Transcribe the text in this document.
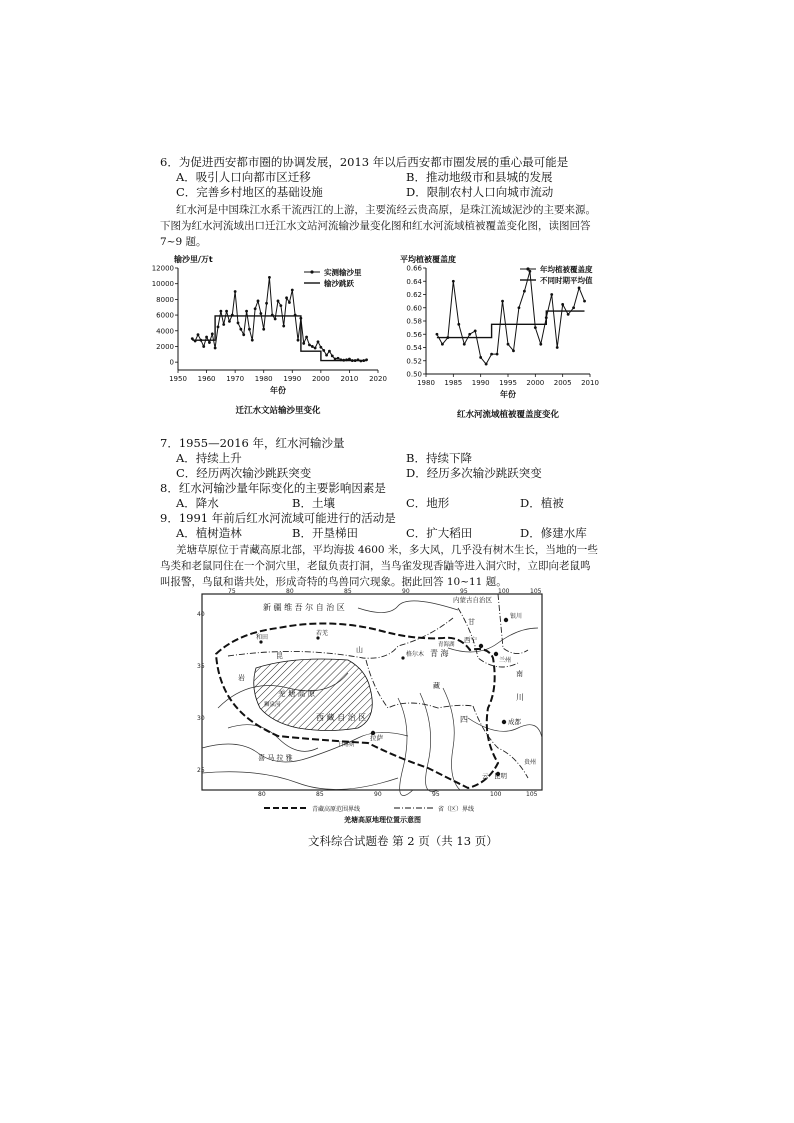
6．为促进西安都市圈的协调发展，2013 年以后西安都市圈发展的重心最可能是
A．吸引人口向都市区迁移	B．推动地级市和县城的发展
C．完善乡村地区的基础设施	D．限制农村人口向城市流动
红水河是中国珠江水系干流西江的上游，主要流经云贵高原，是珠江流域泥沙的主要来源。
下图为红水河流域出口迁江水文站河流输沙量变化图和红水河流域植被覆盖变化图，读图回答
7~9 题。
0
2000
4000
6000
8000
10000
12000
1950 1960 1970 1980 1990 2000 2010 2020
输沙里/万t
年份
迁江水文站输沙里变化
实测输沙里
输沙跳跃
0.50
0.52
0.54
0.56
0.58
0.60
0.62
0.64
0.66
1980 1985 1990 1995 2000 2005 2010
平均植被覆盖度
年份
红水河流域植被覆盖度变化
年均植被覆盖度
不同时期平均值
7．1955—2016 年，红水河输沙量
A．持续上升	B．持续下降
C．经历两次输沙跳跃突变	D．经历多次输沙跳跃突变
8．红水河输沙量年际变化的主要影响因素是
A．降水	B．土壤	C．地形	D．植被
9．1991 年前后红水河流域可能进行的活动是
A．植树造林	B．开垦梯田	C．扩大稻田	D．修建水库
羌塘草原位于青藏高原北部，平均海拔 4600 米，多大风，几乎没有树木生长，当地的一些
鸟类和老鼠同住在一个洞穴里，老鼠负责打洞，当鸟雀发现香鼬等进入洞穴时，立即向老鼠鸣
叫报警，鸟鼠和谐共处，形成奇特的鸟兽同穴现象。据此回答 10~11 题。
75	80	85	90	95	100	105
80	85	90	95	100	105
40
35
30
25
新 疆 维 吾 尔 自 治 区
内蒙古自治区
甘
银川
西宁
兰州
青 海
青海湖
若羌
和田
格尔木
昆
山
羌 塘 高 原
狮泉河
西 藏 自 治 区
拉萨
日喀则
喜 马 拉 雅
四
川
成都
云 昆明
贵州
南
藏
岩
青藏高原范围界线	省（区）界线
羌塘高原地理位置示意图
文科综合试题卷 第 2 页（共 13 页）
